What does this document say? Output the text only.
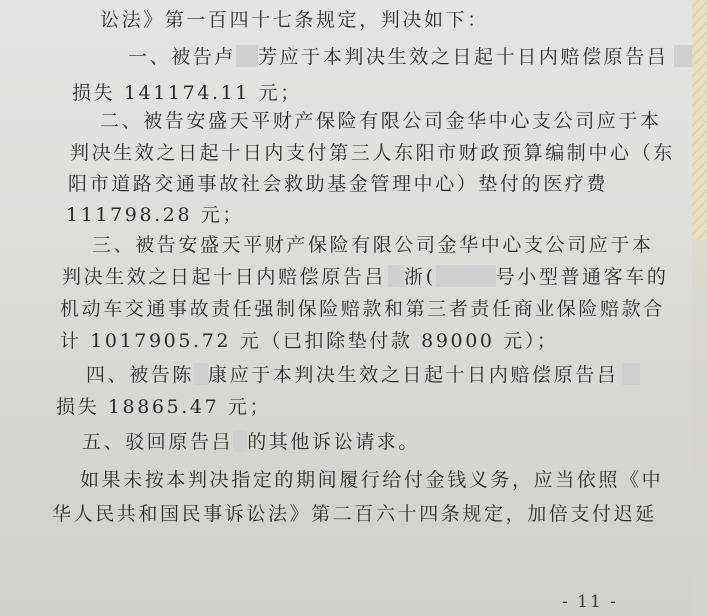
讼法》第一百四十七条规定，判决如下：
一、被告卢 芳应于本判决生效之日起十日内赔偿原告吕
损失 141174.11 元；
二、被告安盛天平财产保险有限公司金华中心支公司应于本
判决生效之日起十日内支付第三人东阳市财政预算编制中心（东
阳市道路交通事故社会救助基金管理中心）垫付的医疗费
111798.28 元；
三、被告安盛天平财产保险有限公司金华中心支公司应于本
判决生效之日起十日内赔偿原告吕 浙(	号小型普通客车的
机动车交通事故责任强制保险赔款和第三者责任商业保险赔款合
计 1017905.72 元（已扣除垫付款 89000 元）；
四、被告陈 康应于本判决生效之日起十日内赔偿原告吕
损失 18865.47 元；
五、驳回原告吕 的其他诉讼请求。
如果未按本判决指定的期间履行给付金钱义务，应当依照《中
华人民共和国民事诉讼法》第二百六十四条规定，加倍支付迟延
- 11 -
